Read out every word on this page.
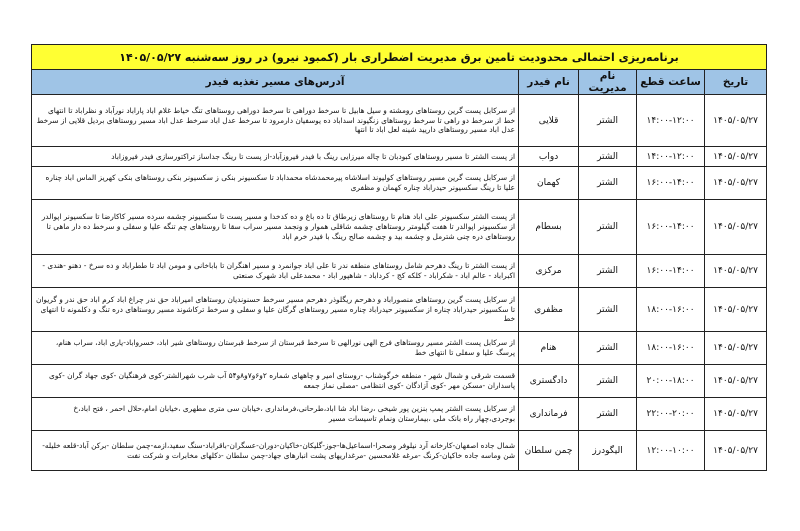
برنامه‌ریزی احتمالی محدودیت تامین برق مدیریت اضطراری بار (کمبود نیرو) در روز سه‌شنبه ۱۴۰۵/۰۵/۲۷				
تاریخ	ساعت قطع	نام مدیریت	نام فیدر	آدرس‌های مسیر تغذیه فیدر
۱۴۰۵/۰۵/۲۷	۱۴:۰۰-۱۲:۰۰	الشتر	قلایی	از سرکابل پست گرین روستاهای رومشته و سیل هابیل تا سرخط دوراهی تا سرخط دوراهی روستاهای تنگ خیاط غلام اباد پاراباد نورآباد و نظراباد تا انتهای خط از سرخط دو راهی تا سرخط روستاهای زنگیوند اسداباد ده یوسفیان دارمرود تا سرخط عدل اباد سرخط عدل اباد مسیر روستاهای بردیل قلایی از سرخط عدل اباد مسیر روستاهای داریید شینه لعل اباد تا انتها
۱۴۰۵/۰۵/۲۷	۱۴:۰۰-۱۲:۰۰	الشتر	دواب	از پست الشتر تا مسیر روستاهای کبودبان تا چاله میرزایی رینگ با فیدر فیروزآباد-از پست تا رینگ جداساز تراکتورسازی فیدر فیروزاباد
۱۴۰۵/۰۵/۲۷	۱۶:۰۰-۱۴:۰۰	الشتر	کهمان	از سرکابل پست گرین مسیر روستاهای کولیوند اسلاشاه پیرمحمدشاه محمداباد تا سکسیونر بنکی ز سکسیونر بنکی روستاهای بنکی کهریز الماس اباد چناره علیا تا رینگ سکسیونر حیدراباد چناره کهمان و مظفری
۱۴۰۵/۰۵/۲۷	۱۶:۰۰-۱۴:۰۰	الشتر	بسطام	از پست الشتر سکسیونر علی اباد هنام تا روستاهای زیرطاق تا ده باغ و ده کدخدا و مسیر پست تا سکسیونر چشمه سرده مسیر کاکارضا تا سکسیونر اپوالدر از سکسیونر اپوالدر تا هفت گیلومتر روستاهای چشمه شاقلی هموار و ونجمد مسیر سراب سقا تا روستاهای چم تنگه علیا و سفلی و سرخط ده دار ماهی تا روستاهای دره چنی شترمل و چشمه بید و چشمه صالح رینگ با فیدر خرم اباد
۱۴۰۵/۰۵/۲۷	۱۶:۰۰-۱۴:۰۰	الشتر	مرکزی	از پست الشتر تا رینگ دهرحم شامل روستاهای منطقه ندر تا علی اباد جوانمرد و مسیر اهنگران تا باباخانی و مومن اباد تا ططراباد و ده سرخ - دهنو -هندی - اکبراباد - عالم اباد - شکراباد - کلکه کج - کرداباد - شاهپور اباد - محمدعلی اباد شهرک صنعتی
۱۴۰۵/۰۵/۲۷	۱۸:۰۰-۱۶:۰۰	الشتر	مظفری	از سرکابل پست گرین روستاهای منصوراباد و دهرحم ریگلوذر دهرحم مسیر سرخط حسنوندیان روستاهای امیراباد حق ندر چراغ اباد کرم اباد حق ندر و گریوان تا سکسیونر حیدراباد چناره از سکسیونر حیدراباد چناره مسیر روستاهای گرگان علیا و سفلی و سرخط ترکاشوند مسیر روستاهای دره تنگ و دکلمونه تا انتهای خط
۱۴۰۵/۰۵/۲۷	۱۸:۰۰-۱۶:۰۰	الشتر	هنام	از سرکابل پست الشتر مسیر روستاهای فرج الهی نورالهی تا سرخط قبرستان از سرخط قبرستان روستاهای شیر اباد، خسرواباد-یاری اباد، سراب هنام، پرسگ علیا و سفلی تا انتهای خط
۱۴۰۵/۰۵/۲۷	۲۰:۰۰-۱۸:۰۰	الشتر	دادگستری	قسمت شرقی و شمال شهر - منطقه خرگوشناب -روستای امیر و چاههای شماره ۲و۶و۷و۸و۵۴ آب شرب شهرالشتر-کوی فرهنگیان -کوی جهاد گران -کوی پاسداران -مسکن مهر -کوی آزادگان -کوی انتظامی -مصلی نماز جمعه
۱۴۰۵/۰۵/۲۷	۲۲:۰۰-۲۰:۰۰	الشتر	فرمانداری	از سرکابل پست الشتر پمپ بنزین پور شیخی ،رضا اباد شا اباد،طرحانی،فرمانداری ،خیابان سی متری مطهری ،خیابان امام،حلال احمر ، فتح اباد،خ بوجردی،چهار راه بانک ملی ،بیمارستان ونمام تاسیسات مسیر
۱۴۰۵/۰۵/۲۷	۱۲:۰۰-۱۰:۰۰	الیگودرز	چمن سلطان	شمال جاده اصفهان-کارخانه آرد نیلوفر وصحرا-اسماعیل‌ها-جوز-گلیکان-خاکیان-دوران-عسگران-باقراباد-سنگ سفید،ازمه-چمن سلطان -برکن آباد-قلعه خلیله-شن وماسه جاده خاکیان-کرنگ -مرغه غلامحسین -مرغداریهای پشت انبارهای جهاد-چمن سلطان -دکلهای مخابرات و شرکت نفت
